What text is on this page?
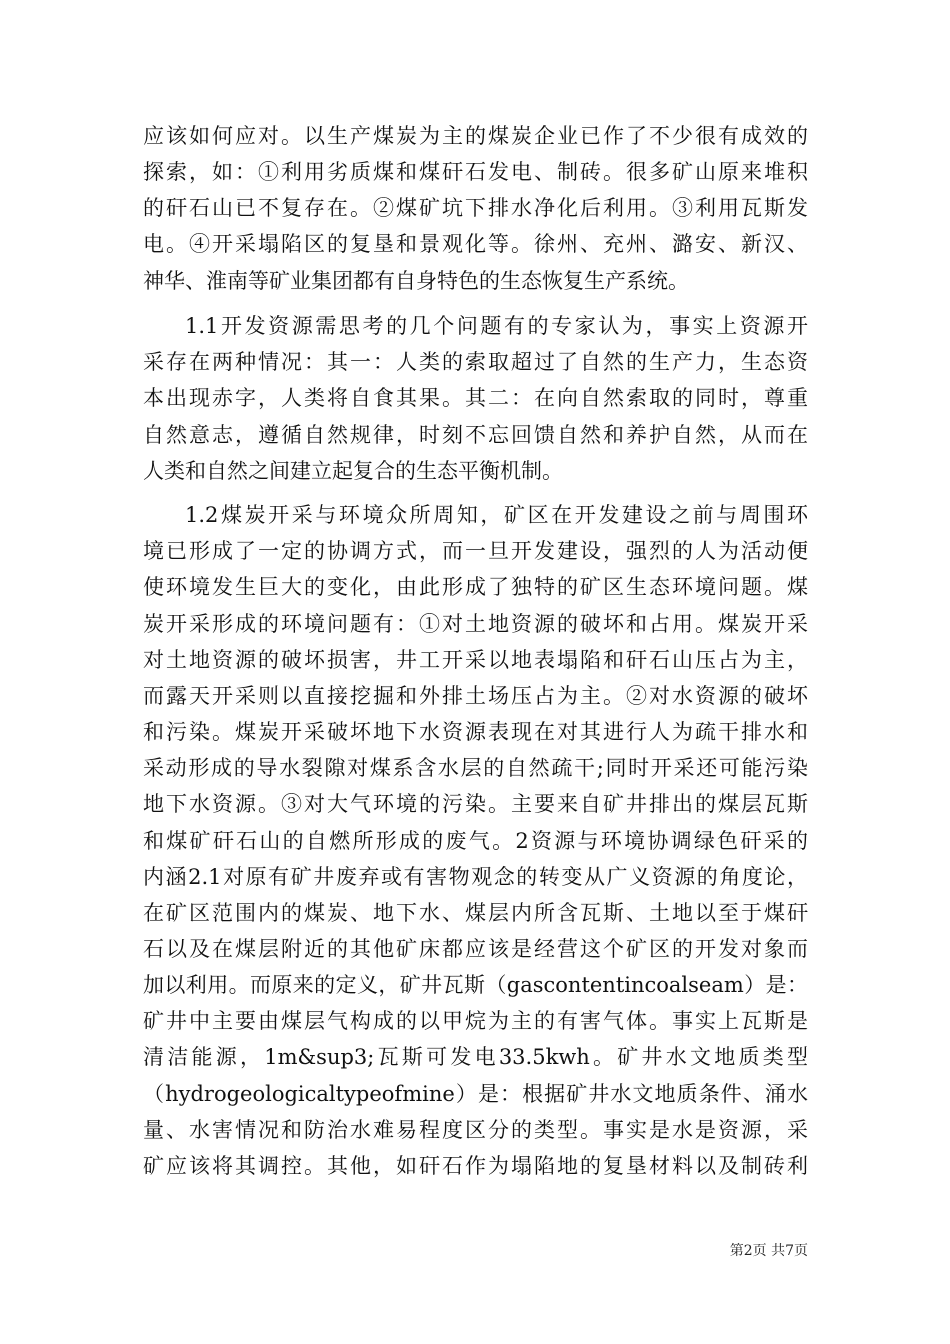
应该如何应对。以生产煤炭为主的煤炭企业已作了不少很有成效的
探索，如：①利用劣质煤和煤矸石发电、制砖。很多矿山原来堆积
的矸石山已不复存在。②煤矿坑下排水净化后利用。③利用瓦斯发
电。④开采塌陷区的复垦和景观化等。徐州、充州、潞安、新汉、
神华、淮南等矿业集团都有自身特色的生态恢复生产系统。
1.1开发资源需思考的几个问题有的专家认为，事实上资源开
采存在两种情况：其一：人类的索取超过了自然的生产力，生态资
本出现赤字，人类将自食其果。其二：在向自然索取的同时，尊重
自然意志，遵循自然规律，时刻不忘回馈自然和养护自然，从而在
人类和自然之间建立起复合的生态平衡机制。
1.2煤炭开采与环境众所周知，矿区在开发建设之前与周围环
境已形成了一定的协调方式，而一旦开发建设，强烈的人为活动便
使环境发生巨大的变化，由此形成了独特的矿区生态环境问题。煤
炭开采形成的环境问题有：①对土地资源的破坏和占用。煤炭开采
对土地资源的破坏损害，井工开采以地表塌陷和矸石山压占为主，
而露天开采则以直接挖掘和外排土场压占为主。②对水资源的破坏
和污染。煤炭开采破坏地下水资源表现在对其进行人为疏干排水和
采动形成的导水裂隙对煤系含水层的自然疏干;同时开采还可能污染
地下水资源。③对大气环境的污染。主要来自矿井排出的煤层瓦斯
和煤矿矸石山的自燃所形成的废气。2资源与环境协调绿色矸采的
内涵2.1对原有矿井废弃或有害物观念的转变从广义资源的角度论，
在矿区范围内的煤炭、地下水、煤层内所含瓦斯、土地以至于煤矸
石以及在煤层附近的其他矿床都应该是经营这个矿区的开发对象而
加以利用。而原来的定义，矿井瓦斯（gascontentincoalseam）是：
矿井中主要由煤层气构成的以甲烷为主的有害气体。事实上瓦斯是
清洁能源，1m&sup3;瓦斯可发电33.5kwh。矿井水文地质类型
（hydrogeologicaltypeofmine）是：根据矿井水文地质条件、涌水
量、水害情况和防治水难易程度区分的类型。事实是水是资源，采
矿应该将其调控。其他，如矸石作为塌陷地的复垦材料以及制砖利
第2页 共7页
